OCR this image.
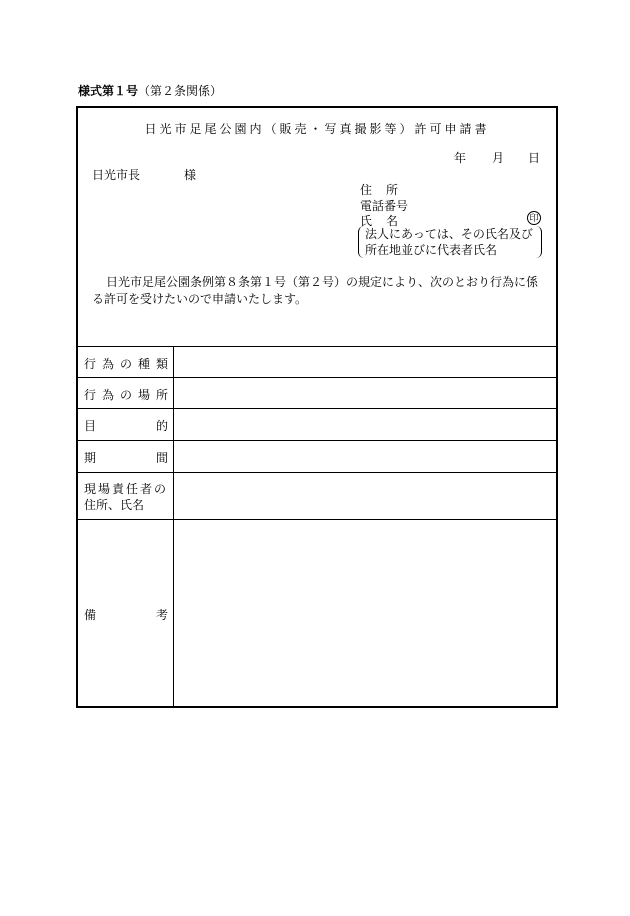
様式第１号（第２条関係）
日光市足尾公園内（販売・写真撮影等）許可申請書
年 月 日
日光市長	様
住所
電話番号
氏名	印
法人にあっては、その氏名及び
所在地並びに代表者氏名
日光市足尾公園条例第８条第１号（第２号）の規定により、次のとおり行為に係る許可を受けたいので申請いたします。
行 為 の 種 類
行 為 の 場 所
目	的
期	間
現場責任者の
住所、氏名
備	考
